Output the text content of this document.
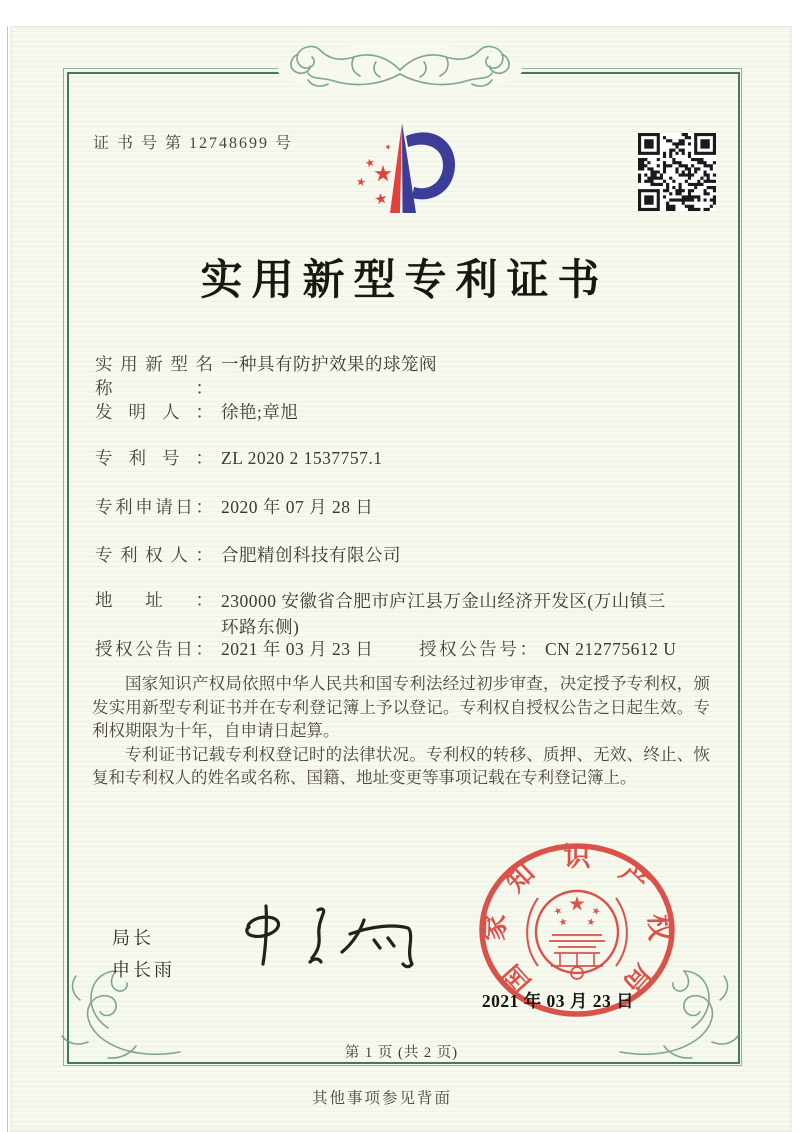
证 书 号 第 12748699 号
实用新型专利证书
实用新型名称：
一种具有防护效果的球笼阀
发明人： 徐艳;章旭
专利号： ZL 2020 2 1537757.1
专利申请日： 2020 年 07 月 28 日
专利权人： 合肥精创科技有限公司
地址： 230000 安徽省合肥市庐江县万金山经济开发区(万山镇三环路东侧)
授权公告日： 2021 年 03 月 23 日	授权公告号： CN 212775612 U

国家知识产权局依照中华人民共和国专利法经过初步审查，决定授予专利权，颁发实用新型专利证书并在专利登记簿上予以登记。专利权自授权公告之日起生效。专利权期限为十年，自申请日起算。

专利证书记载专利权登记时的法律状况。专利权的转移、质押、无效、终止、恢复和专利权人的姓名或名称、国籍、地址变更等事项记载在专利登记簿上。

局长
申长雨	国
家
知
识
产
权
局
2021 年 03 月 23 日
第 1 页 (共 2 页)
其他事项参见背面
